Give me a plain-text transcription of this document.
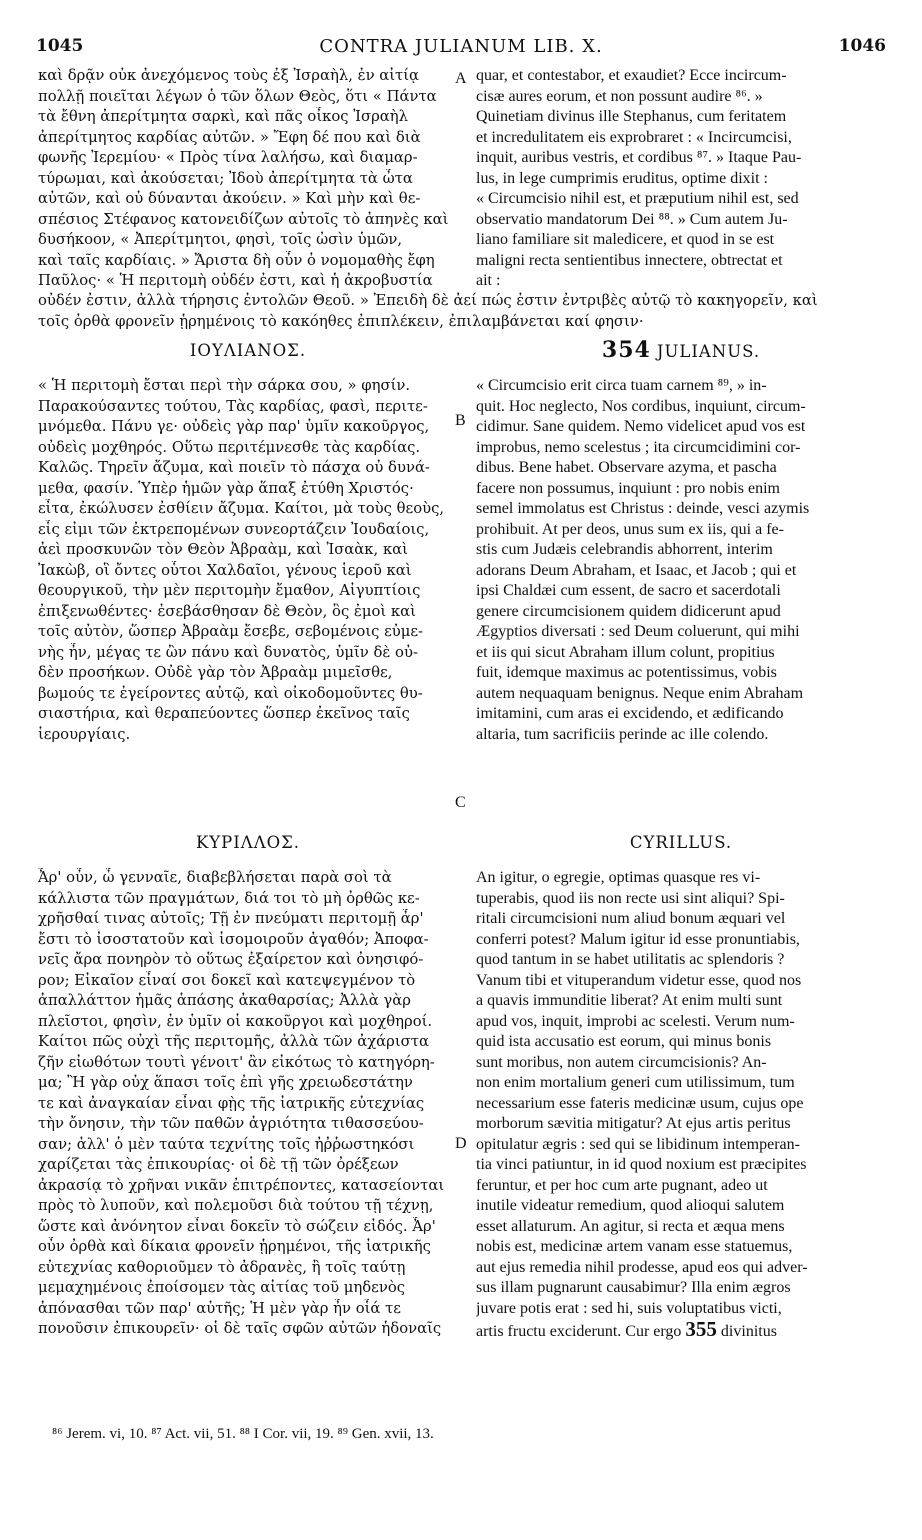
1045	CONTRA JULIANUM LIB. X.	1046
A
B
C
D
καὶ δρᾷν οὐκ ἀνεχόμενος τοὺς ἐξ Ἰσραὴλ, ἐν αἰτίᾳ
πολλῇ ποιεῖται λέγων ὁ τῶν ὅλων Θεὸς, ὅτι « Πάντα
τὰ ἔθνη ἀπερίτμητα σαρκὶ, καὶ πᾶς οἶκος Ἰσραὴλ
ἀπερίτμητος καρδίας αὐτῶν. » Ἔφη δέ που καὶ διὰ
φωνῆς Ἰερεμίου· « Πρὸς τίνα λαλήσω, καὶ διαμαρ-
τύρωμαι, καὶ ἀκούσεται; Ἰδοὺ ἀπερίτμητα τὰ ὦτα
αὐτῶν, καὶ οὐ δύνανται ἀκούειν. » Καὶ μὴν καὶ θε-
σπέσιος Στέφανος κατονειδίζων αὐτοῖς τὸ ἀπηνὲς καὶ
δυσήκοον, « Ἀπερίτμητοι, φησὶ, τοῖς ὠσὶν ὑμῶν,
καὶ ταῖς καρδίαις. » Ἄριστα δὴ οὖν ὁ νομομαθὴς ἔφη
Παῦλος· « Ἡ περιτομὴ οὐδέν ἐστι, καὶ ἡ ἀκροβυστία
quar, et contestabor, et exaudiet? Ecce incircum-
cisæ aures eorum, et non possunt audire ⁸⁶. »
Quinetiam divinus ille Stephanus, cum feritatem
et incredulitatem eis exprobraret : « Incircumcisi,
inquit, auribus vestris, et cordibus ⁸⁷. » Itaque Pau-
lus, in lege cumprimis eruditus, optime dixit :
« Circumcisio nihil est, et præputium nihil est, sed
observatio mandatorum Dei ⁸⁸. » Cum autem Ju-
liano familiare sit maledicere, et quod in se est
maligni recta sentientibus innectere, obtrectat et
ait :
οὐδέν ἐστιν, ἀλλὰ τήρησις ἐντολῶν Θεοῦ. » Ἐπειδὴ δὲ ἀεί πώς ἐστιν ἐντριβὲς αὐτῷ τὸ κακηγορεῖν, καὶ
τοῖς ὀρθὰ φρονεῖν ᾑρημένοις τὸ κακόηθες ἐπιπλέκειν, ἐπιλαμβάνεται καί φησιν·
ΙΟΥΛΙΑΝΟΣ.	354 JULIANUS.
« Ἡ περιτομὴ ἔσται περὶ τὴν σάρκα σου, » φησίν.
Παρακούσαντες τούτου, Τὰς καρδίας, φασὶ, περιτε-
μνόμεθα. Πάνυ γε· οὐδεὶς γὰρ παρ' ὑμῖν κακοῦργος,
οὐδεὶς μοχθηρός. Οὕτω περιτέμνεσθε τὰς καρδίας.
Καλῶς. Τηρεῖν ἄζυμα, καὶ ποιεῖν τὸ πάσχα οὐ δυνά-
μεθα, φασίν. Ὑπὲρ ἡμῶν γὰρ ἅπαξ ἐτύθη Χριστός·
εἶτα, ἐκώλυσεν ἐσθίειν ἄζυμα. Καίτοι, μὰ τοὺς θεοὺς,
εἷς εἰμι τῶν ἐκτρεπομένων συνεορτάζειν Ἰουδαίοις,
ἀεὶ προσκυνῶν τὸν Θεὸν Ἀβραὰμ, καὶ Ἰσαὰκ, καὶ
Ἰακὼβ, οἳ ὄντες οὗτοι Χαλδαῖοι, γένους ἱεροῦ καὶ
θεουργικοῦ, τὴν μὲν περιτομὴν ἔμαθον, Αἰγυπτίοις
ἐπιξενωθέντες· ἐσεβάσθησαν δὲ Θεὸν, ὃς ἐμοὶ καὶ
τοῖς αὐτὸν, ὥσπερ Ἀβραὰμ ἔσεβε, σεβομένοις εὐμε-
νὴς ἦν, μέγας τε ὢν πάνυ καὶ δυνατὸς, ὑμῖν δὲ οὐ-
δὲν προσήκων. Οὐδὲ γὰρ τὸν Ἀβραὰμ μιμεῖσθε,
βωμούς τε ἐγείροντες αὐτῷ, καὶ οἰκοδομοῦντες θυ-
σιαστήρια, καὶ θεραπεύοντες ὥσπερ ἐκεῖνος ταῖς
ἱερουργίαις.
« Circumcisio erit circa tuam carnem ⁸⁹, » in-
quit. Hoc neglecto, Nos cordibus, inquiunt, circum-
cidimur. Sane quidem. Nemo videlicet apud vos est
improbus, nemo scelestus ; ita circumcidimini cor-
dibus. Bene habet. Observare azyma, et pascha
facere non possumus, inquiunt : pro nobis enim
semel immolatus est Christus : deinde, vesci azymis
prohibuit. At per deos, unus sum ex iis, qui a fe-
stis cum Judæis celebrandis abhorrent, interim
adorans Deum Abraham, et Isaac, et Jacob ; qui et
ipsi Chaldæi cum essent, de sacro et sacerdotali
genere circumcisionem quidem didicerunt apud
Ægyptios diversati : sed Deum coluerunt, qui mihi
et iis qui sicut Abraham illum colunt, propitius
fuit, idemque maximus ac potentissimus, vobis
autem nequaquam benignus. Neque enim Abraham
imitamini, cum aras ei excidendo, et ædificando
altaria, tum sacrificiis perinde ac ille colendo.
ΚΥΡΙΛΛΟΣ.	CYRILLUS.
Ἆρ' οὖν, ὦ γενναῖε, διαβεβλήσεται παρὰ σοὶ τὰ
κάλλιστα τῶν πραγμάτων, διά τοι τὸ μὴ ὀρθῶς κε-
χρῆσθαί τινας αὐτοῖς; Τῇ ἐν πνεύματι περιτομῇ ἆρ'
ἔστι τὸ ἰσοστατοῦν καὶ ἰσομοιροῦν ἀγαθόν; Ἀποφα-
νεῖς ἄρα πονηρὸν τὸ οὕτως ἐξαίρετον καὶ ὀνησιφό-
ρον; Εἰκαῖον εἶναί σοι δοκεῖ καὶ κατεψεγμένον τὸ
ἀπαλλάττον ἡμᾶς ἁπάσης ἀκαθαρσίας; Ἀλλὰ γὰρ
πλεῖστοι, φησὶν, ἐν ὑμῖν οἱ κακοῦργοι καὶ μοχθηροί.
Καίτοι πῶς οὐχὶ τῆς περιτομῆς, ἀλλὰ τῶν ἀχάριστα
ζῆν εἰωθότων τουτὶ γένοιτ' ἂν εἰκότως τὸ κατηγόρη-
μα; Ἢ γὰρ οὐχ ἅπασι τοῖς ἐπὶ γῆς χρειωδεστάτην
τε καὶ ἀναγκαίαν εἶναι φῂς τῆς ἰατρικῆς εὐτεχνίας
τὴν ὄνησιν, τὴν τῶν παθῶν ἀγριότητα τιθασσεύου-
σαν; ἀλλ' ὁ μὲν ταύτα τεχνίτης τοῖς ἠῤῥωστηκόσι
χαρίζεται τὰς ἐπικουρίας· οἱ δὲ τῇ τῶν ὀρέξεων
ἀκρασίᾳ τὸ χρῆναι νικᾶν ἐπιτρέποντες, κατασείονται
πρὸς τὸ λυποῦν, καὶ πολεμοῦσι διὰ τούτου τῇ τέχνῃ,
ὥστε καὶ ἀνόνητον εἶναι δοκεῖν τὸ σώζειν εἰδός. Ἆρ'
οὖν ὀρθὰ καὶ δίκαια φρονεῖν ᾑρημένοι, τῆς ἰατρικῆς
εὐτεχνίας καθοριοῦμεν τὸ ἀδρανὲς, ἢ τοῖς ταύτῃ
μεμαχημένοις ἐποίσομεν τὰς αἰτίας τοῦ μηδενὸς
ἀπόνασθαι τῶν παρ' αὐτῆς; Ἡ μὲν γὰρ ἦν οἷά τε
πονοῦσιν ἐπικουρεῖν· οἱ δὲ ταῖς σφῶν αὐτῶν ἡδοναῖς
An igitur, o egregie, optimas quasque res vi-
tuperabis, quod iis non recte usi sint aliqui? Spi-
ritali circumcisioni num aliud bonum æquari vel
conferri potest? Malum igitur id esse pronuntiabis,
quod tantum in se habet utilitatis ac splendoris ?
Vanum tibi et vituperandum videtur esse, quod nos
a quavis immunditie liberat? At enim multi sunt
apud vos, inquit, improbi ac scelesti. Verum num-
quid ista accusatio est eorum, qui minus bonis
sunt moribus, non autem circumcisionis? An-
non enim mortalium generi cum utilissimum, tum
necessarium esse fateris medicinæ usum, cujus ope
morborum sævitia mitigatur? At ejus artis peritus
opitulatur ægris : sed qui se libidinum intemperan-
tia vinci patiuntur, in id quod noxium est præcipites
feruntur, et per hoc cum arte pugnant, adeo ut
inutile videatur remedium, quod alioqui salutem
esset allaturum. An agitur, si recta et æqua mens
nobis est, medicinæ artem vanam esse statuemus,
aut ejus remedia nihil prodesse, apud eos qui adver-
sus illam pugnarunt causabimur? Illa enim ægros
juvare potis erat : sed hi, suis voluptatibus victi,
artis fructu exciderunt. Cur ergo 355 divinitus
⁸⁶ Jerem. vi, 10. ⁸⁷ Act. vii, 51. ⁸⁸ I Cor. vii, 19. ⁸⁹ Gen. xvii, 13.
